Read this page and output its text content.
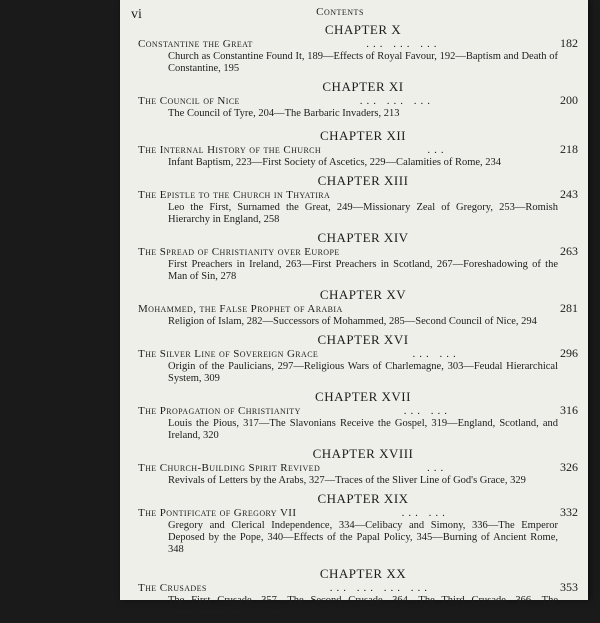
vi	Contents
CHAPTER X
Constantine the Great	... ... ...	182
Church as Constantine Found It, 189—Effects of Royal Favour, 192—Baptism and Death of Constantine, 195
CHAPTER XI
The Council of Nice	... ... ...	200
The Council of Tyre, 204—The Barbaric Invaders, 213
CHAPTER XII
The Internal History of the Church	...	218
Infant Baptism, 223—First Society of Ascetics, 229—Calamities of Rome, 234
CHAPTER XIII
The Epistle to the Church in Thyatira	243
Leo the First, Surnamed the Great, 249—Missionary Zeal of Gregory, 253—Romish Hierarchy in England, 258
CHAPTER XIV
The Spread of Christianity over Europe	263
First Preachers in Ireland, 263—First Preachers in Scotland, 267—Foreshadowing of the Man of Sin, 278
CHAPTER XV
Mohammed, the False Prophet of Arabia	281
Religion of Islam, 282—Successors of Mohammed, 285—Second Council of Nice, 294
CHAPTER XVI
The Silver Line of Sovereign Grace	... ...	296
Origin of the Paulicians, 297—Religious Wars of Charlemagne, 303—Feudal Hierarchical System, 309
CHAPTER XVII
The Propagation of Christianity	... ...	316
Louis the Pious, 317—The Slavonians Receive the Gospel, 319—England, Scotland, and Ireland, 320
CHAPTER XVIII
The Church-Building Spirit Revived	...	326
Revivals of Letters by the Arabs, 327—Traces of the Sliver Line of God's Grace, 329
CHAPTER XIX
The Pontificate of Gregory VII	... ...	332
Gregory and Clerical Independence, 334—Celibacy and Simony, 336—The Emperor Deposed by the Pope, 340—Effects of the Papal Policy, 345—Burning of Ancient Rome, 348
CHAPTER XX
The Crusades	... ... ... ...	353
The First Crusade, 357—The Second Crusade, 364—The Third Crusade, 366—The Remainder of the Crusades, 367
